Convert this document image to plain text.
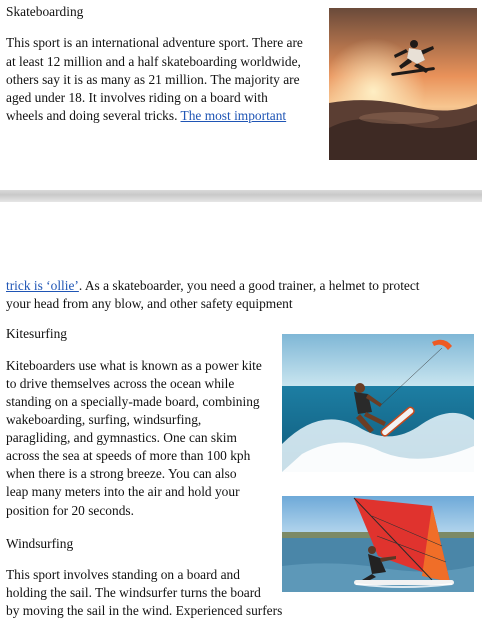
Skateboarding

This sport is an international adventure sport. There are

at least 12 million and a half skateboarding worldwide,

others say it is as many as 21 million. The majority are

aged under 18. It involves riding on a board with

wheels and doing several tricks. The most important

trick is ‘ollie’. As a skateboarder, you need a good trainer, a helmet to protect

your head from any blow, and other safety equipment

Kitesurfing

Kiteboarders use what is known as a power kite

to drive themselves across the ocean while

standing on a specially-made board, combining

wakeboarding, surfing, windsurfing,

paragliding, and gymnastics. One can skim

across the sea at speeds of more than 100 kph

when there is a strong breeze. You can also

leap many meters into the air and hold your

position for 20 seconds.

Windsurfing

This sport involves standing on a board and

holding the sail. The windsurfer turns the board

by moving the sail in the wind. Experienced surfers
